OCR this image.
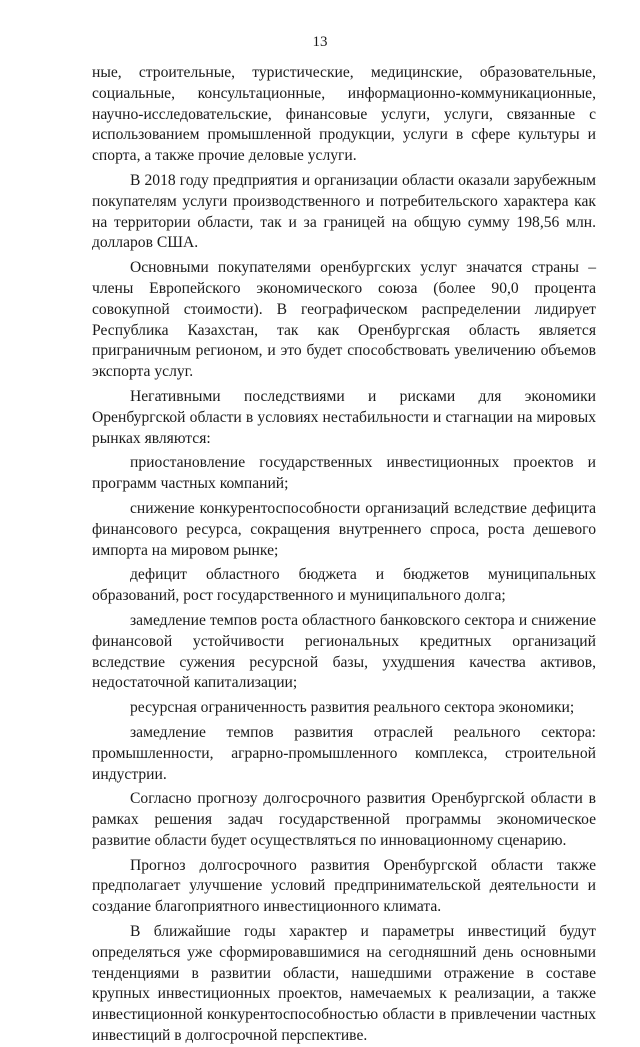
13

ные, строительные, туристические, медицинские, образовательные, социальные, консультационные, информационно-коммуникационные, научно-исследовательские, финансовые услуги, услуги, связанные с использованием промышленной продукции, услуги в сфере культуры и спорта, а также прочие деловые услуги.

В 2018 году предприятия и организации области оказали зарубежным покупателям услуги производственного и потребительского характера как на территории области, так и за границей на общую сумму 198,56 млн. долларов США.

Основными покупателями оренбургских услуг значатся страны – члены Европейского экономического союза (более 90,0 процента совокупной стоимости). В географическом распределении лидирует Республика Казахстан, так как Оренбургская область является приграничным регионом, и это будет способствовать увеличению объемов экспорта услуг.

Негативными последствиями и рисками для экономики Оренбургской области в условиях нестабильности и стагнации на мировых рынках являются:

приостановление государственных инвестиционных проектов и программ частных компаний;

снижение конкурентоспособности организаций вследствие дефицита финансового ресурса, сокращения внутреннего спроса, роста дешевого импорта на мировом рынке;

дефицит областного бюджета и бюджетов муниципальных образований, рост государственного и муниципального долга;

замедление темпов роста областного банковского сектора и снижение финансовой устойчивости региональных кредитных организаций вследствие сужения ресурсной базы, ухудшения качества активов, недостаточной капитализации;

ресурсная ограниченность развития реального сектора экономики;

замедление темпов развития отраслей реального сектора: промышленности, аграрно-промышленного комплекса, строительной индустрии.

Согласно прогнозу долгосрочного развития Оренбургской области в рамках решения задач государственной программы экономическое развитие области будет осуществляться по инновационному сценарию.

Прогноз долгосрочного развития Оренбургской области также предполагает улучшение условий предпринимательской деятельности и создание благоприятного инвестиционного климата.

В ближайшие годы характер и параметры инвестиций будут определяться уже сформировавшимися на сегодняшний день основными тенденциями в развитии области, нашедшими отражение в составе крупных инвестиционных проектов, намечаемых к реализации, а также инвестиционной конкурентоспособностью области в привлечении частных инвестиций в долгосрочной перспективе.
